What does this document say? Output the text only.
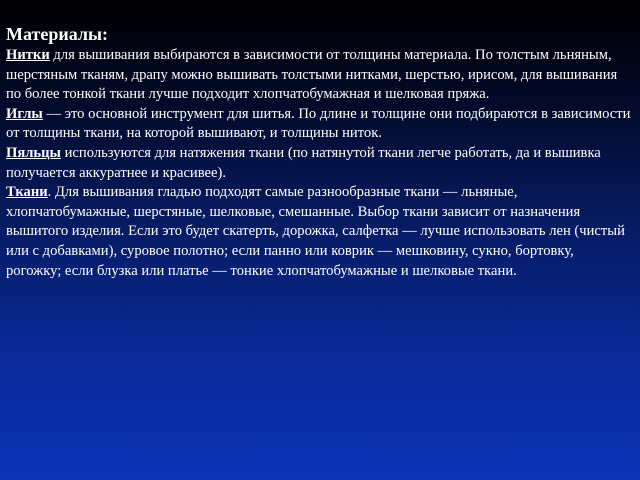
Материалы:

Нитки для вышивания выбираются в зависимости от толщины материала. По толстым льняным, шерстяным тканям, драпу можно вышивать толстыми нитками, шерстью, ирисом, для вышивания по более тонкой ткани лучше подходит хлопчатобумажная и шелковая пряжа.

Иглы — это основной инструмент для шитья. По длине и толщине они подбираются в зависимости от толщины ткани, на которой вышивают, и толщины ниток.

Пяльцы используются для натяжения ткани (по натянутой ткани легче работать, да и вышивка получается аккуратнее и красивее).

Ткани. Для вышивания гладью подходят самые разнообразные ткани — льняные, хлопчатобумажные, шерстяные, шелковые, смешанные. Выбор ткани зависит от назначения вышитого изделия. Если это будет скатерть, дорожка, салфетка — лучше использовать лен (чистый или с добавками), суровое полотно; если панно или коврик — мешковину, сукно, бортовку, рогожку; если блузка или платье — тонкие хлопчатобумажные и шелковые ткани.
